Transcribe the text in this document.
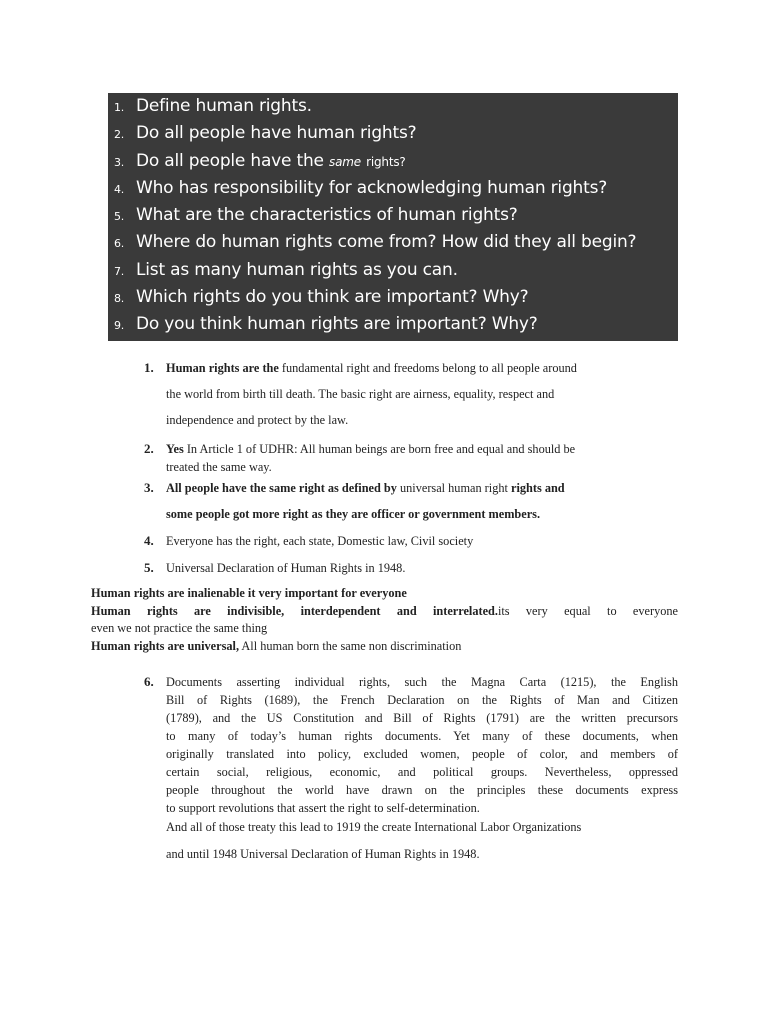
1. Define human rights.
2. Do all people have human rights?
3. Do all people have the
same
rights?
4. Who has responsibility for acknowledging human rights?
5. What are the characteristics of human rights?
6. Where do human rights come from? How did they all begin?
7. List as many human rights as you can.
8. Which rights do you think are important? Why?
9. Do you think human rights are important? Why?
1. Human rights are the fundamental right and freedoms belong to all people around

the world from birth till death. The basic right are airness, equality, respect and

independence and protect by the law.

2. Yes In Article 1 of UDHR: All human beings are born free and equal and should be

treated the same way.

3. All people have the same right as defined by universal human right rights and

some people got more right as they are officer or government members.

4. Everyone has the right, each state, Domestic law, Civil society

5. Universal Declaration of Human Rights in 1948.

Human rights are inalienable it very important for everyone

Human rights are indivisible, interdependent and interrelated.its very equal to everyone

even we not practice the same thing

Human rights are universal, All human born the same non discrimination

6. Documents asserting individual rights, such the Magna Carta (1215), the English

Bill of Rights (1689), the French Declaration on the Rights of Man and Citizen

(1789), and the US Constitution and Bill of Rights (1791) are the written precursors

to many of today’s human rights documents. Yet many of these documents, when

originally translated into policy, excluded women, people of color, and members of

certain social, religious, economic, and political groups. Nevertheless, oppressed

people throughout the world have drawn on the principles these documents express

to support revolutions that assert the right to self-determination.

And all of those treaty this lead to 1919 the create International Labor Organizations

and until 1948 Universal Declaration of Human Rights in 1948.
